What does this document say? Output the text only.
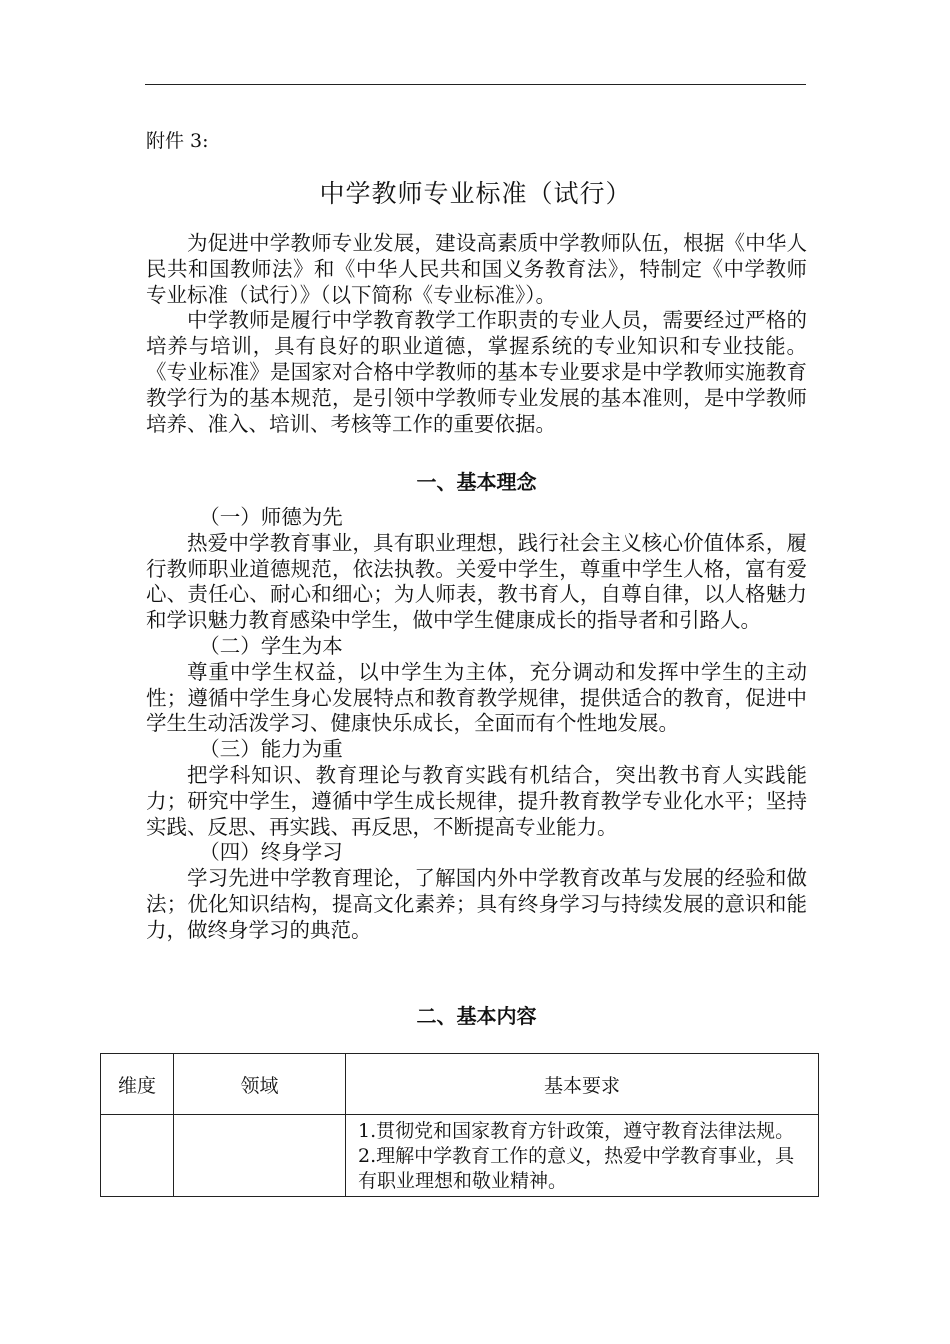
附件 3:
中学教师专业标准（试行）

为促进中学教师专业发展，建设高素质中学教师队伍，根据《中华人民共和国教师法》和《中华人民共和国义务教育法》，特制定《中学教师专业标准（试行）》（以下简称《专业标准》）。

中学教师是履行中学教育教学工作职责的专业人员，需要经过严格的培养与培训，具有良好的职业道德，掌握系统的专业知识和专业技能。《专业标准》是国家对合格中学教师的基本专业要求是中学教师实施教育教学行为的基本规范，是引领中学教师专业发展的基本准则，是中学教师培养、准入、培训、考核等工作的重要依据。

一、基本理念

（一）师德为先

热爱中学教育事业，具有职业理想，践行社会主义核心价值体系，履行教师职业道德规范，依法执教。关爱中学生，尊重中学生人格，富有爱心、责任心、耐心和细心；为人师表，教书育人，自尊自律，以人格魅力和学识魅力教育感染中学生，做中学生健康成长的指导者和引路人。

（二）学生为本

尊重中学生权益，以中学生为主体，充分调动和发挥中学生的主动性；遵循中学生身心发展特点和教育教学规律，提供适合的教育，促进中学生生动活泼学习、健康快乐成长，全面而有个性地发展。

（三）能力为重

把学科知识、教育理论与教育实践有机结合，突出教书育人实践能力；研究中学生，遵循中学生成长规律，提升教育教学专业化水平；坚持实践、反思、再实践、再反思，不断提高专业能力。

（四）终身学习

学习先进中学教育理论，了解国内外中学教育改革与发展的经验和做法；优化知识结构，提高文化素养；具有终身学习与持续发展的意识和能力，做终身学习的典范。

二、基本内容
维度	领域	基本要求

		1.贯彻党和国家教育方针政策，遵守教育法律法规。

2.理解中学教育工作的意义，热爱中学教育事业，具有职业理想和敬业精神。
